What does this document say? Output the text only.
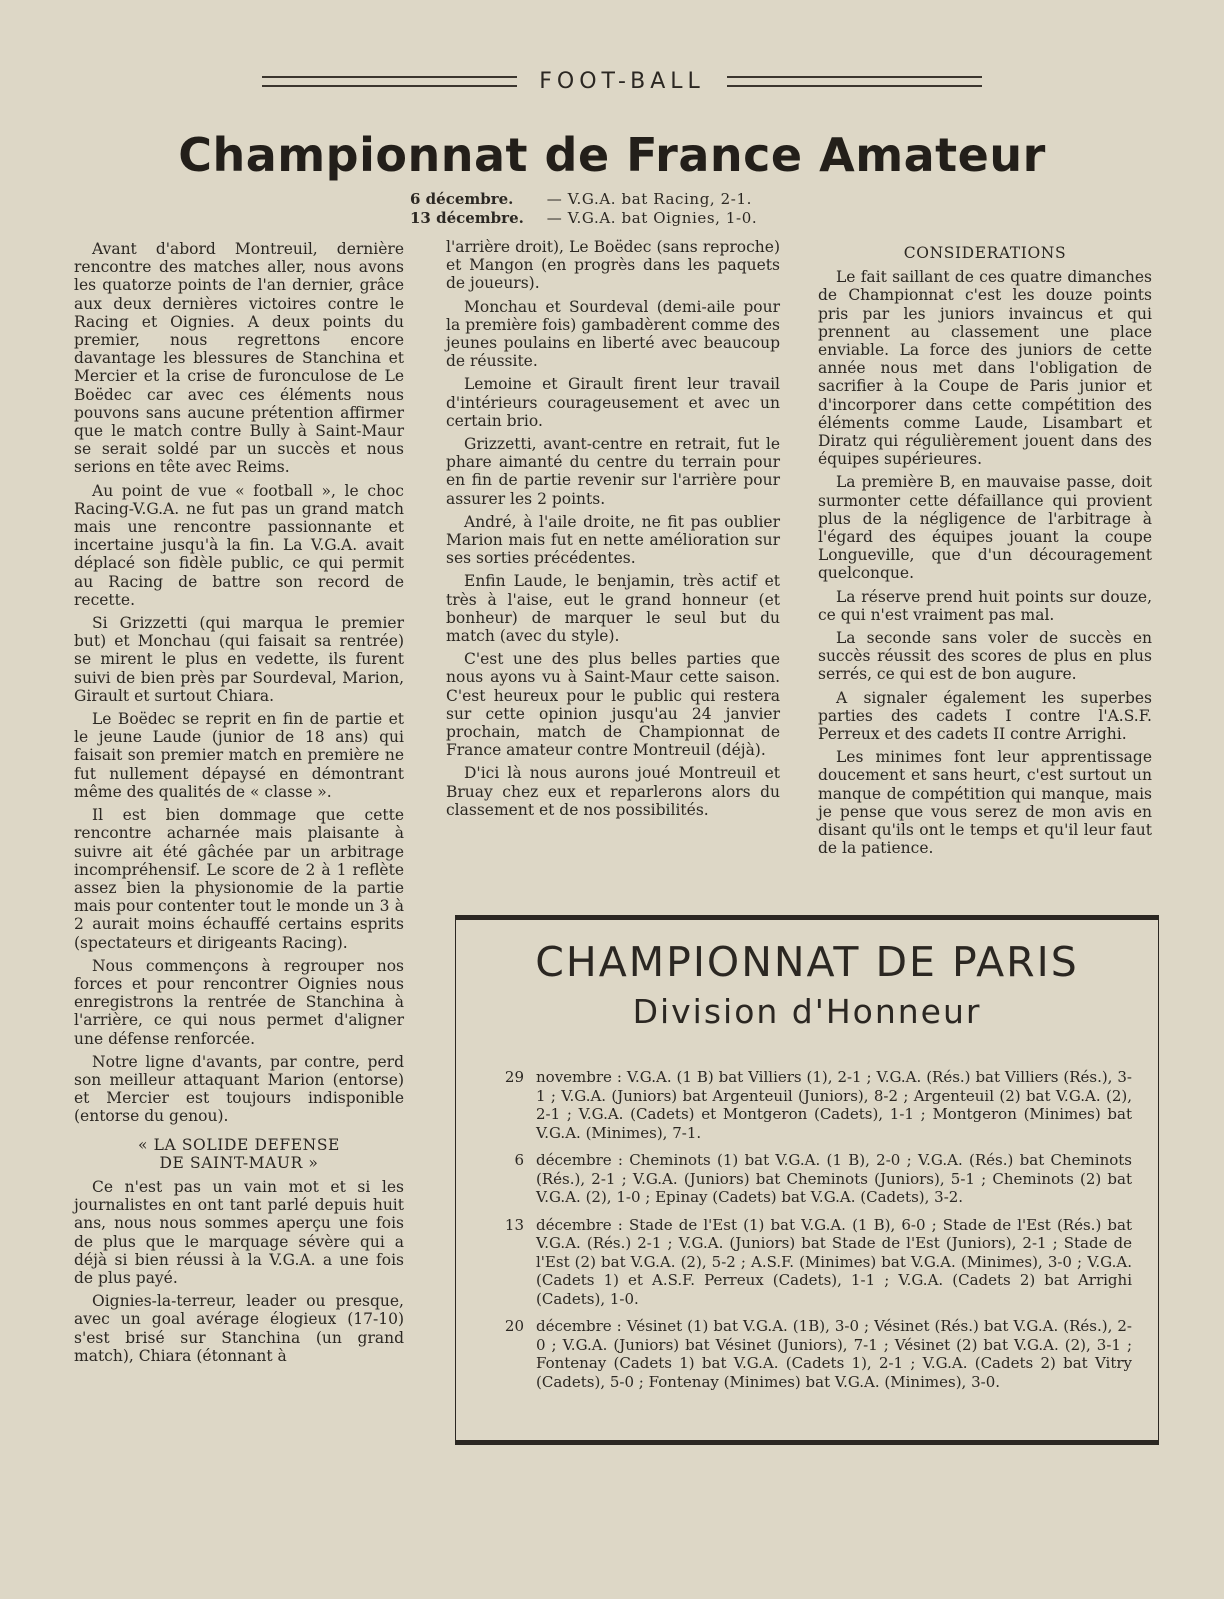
FOOT-BALL
Championnat de France Amateur
6 décembre. — V.G.A. bat Racing, 2-1.
13 décembre. — V.G.A. bat Oignies, 1-0.

Avant d'abord Montreuil, dernière rencontre des matches aller, nous avons les quatorze points de l'an dernier, grâce aux deux dernières victoires contre le Racing et Oignies. A deux points du premier, nous regrettons encore davantage les blessures de Stanchina et Mercier et la crise de furonculose de Le Boëdec car avec ces éléments nous pouvons sans aucune prétention affirmer que le match contre Bully à Saint-Maur se serait soldé par un succès et nous serions en tête avec Reims.

Au point de vue « football », le choc Racing-V.G.A. ne fut pas un grand match mais une rencontre passionnante et incertaine jusqu'à la fin. La V.G.A. avait déplacé son fidèle public, ce qui permit au Racing de battre son record de recette.

Si Grizzetti (qui marqua le premier but) et Monchau (qui faisait sa rentrée) se mirent le plus en vedette, ils furent suivi de bien près par Sourdeval, Marion, Girault et surtout Chiara.

Le Boëdec se reprit en fin de partie et le jeune Laude (junior de 18 ans) qui faisait son premier match en première ne fut nullement dépaysé en démontrant même des qualités de « classe ».

Il est bien dommage que cette rencontre acharnée mais plaisante à suivre ait été gâchée par un arbitrage incompréhensif. Le score de 2 à 1 reflète assez bien la physionomie de la partie mais pour contenter tout le monde un 3 à 2 aurait moins échauffé certains esprits (spectateurs et dirigeants Racing).

Nous commençons à regrouper nos forces et pour rencontrer Oignies nous enregistrons la rentrée de Stanchina à l'arrière, ce qui nous permet d'aligner une défense renforcée.

Notre ligne d'avants, par contre, perd son meilleur attaquant Marion (entorse) et Mercier est toujours indisponible (entorse du genou).

« LA SOLIDE DEFENSE
DE SAINT-MAUR »

Ce n'est pas un vain mot et si les journalistes en ont tant parlé depuis huit ans, nous nous sommes aperçu une fois de plus que le marquage sévère qui a déjà si bien réussi à la V.G.A. a une fois de plus payé.

Oignies-la-terreur, leader ou presque, avec un goal avérage élogieux (17-10) s'est brisé sur Stanchina (un grand match), Chiara (étonnant à

l'arrière droit), Le Boëdec (sans reproche) et Mangon (en progrès dans les paquets de joueurs).

Monchau et Sourdeval (demi-aile pour la première fois) gambadèrent comme des jeunes poulains en liberté avec beaucoup de réussite.

Lemoine et Girault firent leur travail d'intérieurs courageusement et avec un certain brio.

Grizzetti, avant-centre en retrait, fut le phare aimanté du centre du terrain pour en fin de partie revenir sur l'arrière pour assurer les 2 points.

André, à l'aile droite, ne fit pas oublier Marion mais fut en nette amélioration sur ses sorties précédentes.

Enfin Laude, le benjamin, très actif et très à l'aise, eut le grand honneur (et bonheur) de marquer le seul but du match (avec du style).

C'est une des plus belles parties que nous ayons vu à Saint-Maur cette saison. C'est heureux pour le public qui restera sur cette opinion jusqu'au 24 janvier prochain, match de Championnat de France amateur contre Montreuil (déjà).

D'ici là nous aurons joué Montreuil et Bruay chez eux et reparlerons alors du classement et de nos possibilités.

CONSIDERATIONS

Le fait saillant de ces quatre dimanches de Championnat c'est les douze points pris par les juniors invaincus et qui prennent au classement une place enviable. La force des juniors de cette année nous met dans l'obligation de sacrifier à la Coupe de Paris junior et d'incorporer dans cette compétition des éléments comme Laude, Lisambart et Diratz qui régulièrement jouent dans des équipes supérieures.

La première B, en mauvaise passe, doit surmonter cette défaillance qui provient plus de la négligence de l'arbitrage à l'égard des équipes jouant la coupe Longueville, que d'un découragement quelconque.

La réserve prend huit points sur douze, ce qui n'est vraiment pas mal.

La seconde sans voler de succès en succès réussit des scores de plus en plus serrés, ce qui est de bon augure.

A signaler également les superbes parties des cadets I contre l'A.S.F. Perreux et des cadets II contre Arrighi.

Les minimes font leur apprentissage doucement et sans heurt, c'est surtout un manque de compétition qui manque, mais je pense que vous serez de mon avis en disant qu'ils ont le temps et qu'il leur faut de la patience.

CHAMPIONNAT DE PARIS
Division d'Honneur
29 novembre : V.G.A. (1 B) bat Villiers (1), 2-1 ; V.G.A. (Rés.) bat Villiers (Rés.), 3-1 ; V.G.A. (Juniors) bat Argenteuil (Juniors), 8-2 ; Argenteuil (2) bat V.G.A. (2), 2-1 ; V.G.A. (Cadets) et Montgeron (Cadets), 1-1 ; Montgeron (Minimes) bat V.G.A. (Minimes), 7-1.
6 décembre : Cheminots (1) bat V.G.A. (1 B), 2-0 ; V.G.A. (Rés.) bat Cheminots (Rés.), 2-1 ; V.G.A. (Juniors) bat Cheminots (Juniors), 5-1 ; Cheminots (2) bat V.G.A. (2), 1-0 ; Epinay (Cadets) bat V.G.A. (Cadets), 3-2.
13 décembre : Stade de l'Est (1) bat V.G.A. (1 B), 6-0 ; Stade de l'Est (Rés.) bat V.G.A. (Rés.) 2-1 ; V.G.A. (Juniors) bat Stade de l'Est (Juniors), 2-1 ; Stade de l'Est (2) bat V.G.A. (2), 5-2 ; A.S.F. (Minimes) bat V.G.A. (Minimes), 3-0 ; V.G.A. (Cadets 1) et A.S.F. Perreux (Cadets), 1-1 ; V.G.A. (Cadets 2) bat Arrighi (Cadets), 1-0.
20 décembre : Vésinet (1) bat V.G.A. (1B), 3-0 ; Vésinet (Rés.) bat V.G.A. (Rés.), 2-0 ; V.G.A. (Juniors) bat Vésinet (Juniors), 7-1 ; Vésinet (2) bat V.G.A. (2), 3-1 ; Fontenay (Cadets 1) bat V.G.A. (Cadets 1), 2-1 ; V.G.A. (Cadets 2) bat Vitry (Cadets), 5-0 ; Fontenay (Minimes) bat V.G.A. (Minimes), 3-0.
